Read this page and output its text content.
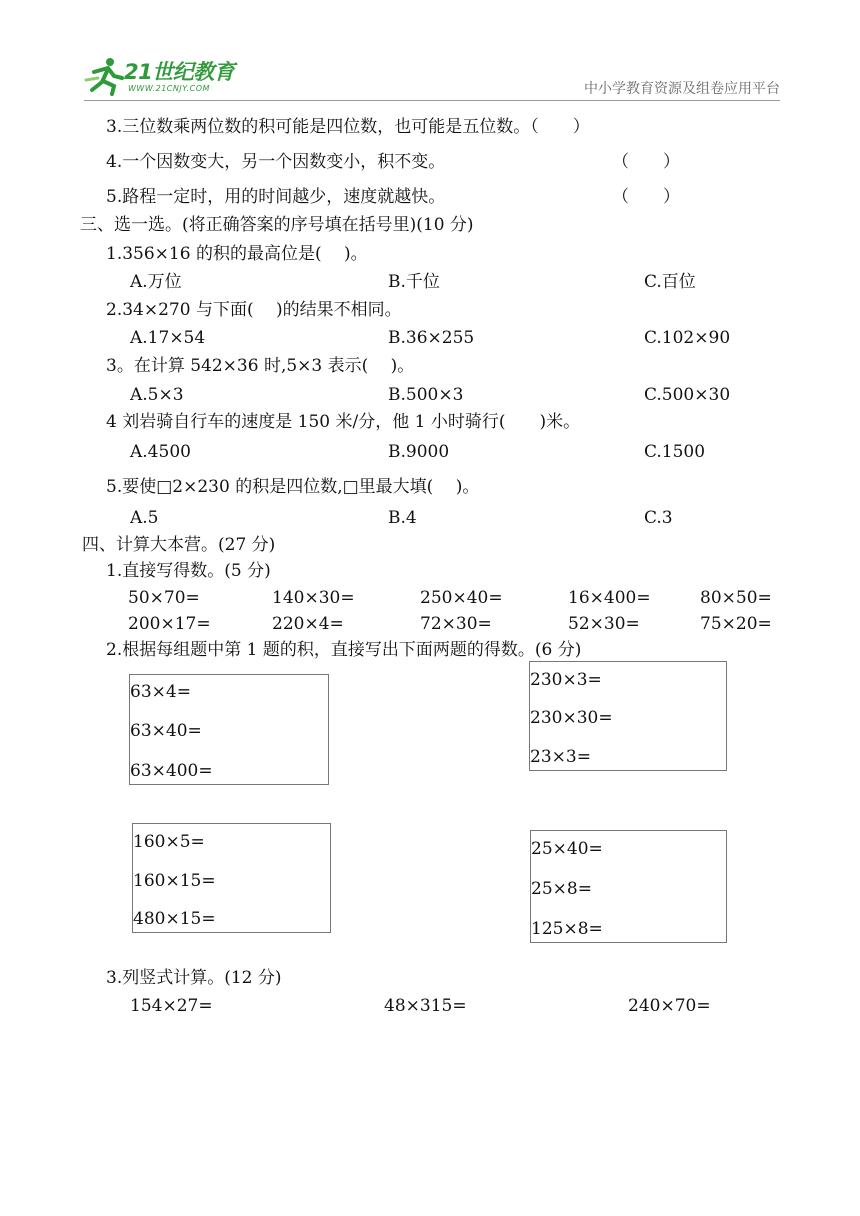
21世纪教育
WWW.21CNJY.COM	中小学教育资源及组卷应用平台
3.三位数乘两位数的积可能是四位数，也可能是五位数。（　　）
4.一个因数变大，另一个因数变小，积不变。	（　　）
5.路程一定时，用的时间越少，速度就越快。	（　　）
三、选一选。(将正确答案的序号填在括号里)(10 分)
1.356×16 的积的最高位是(　 )。
A.万位	B.千位	C.百位
2.34×270 与下面(　 )的结果不相同。
A.17×54	B.36×255	C.102×90
3。在计算 542×36 时,5×3 表示(　 )。
A.5×3	B.500×3	C.500×30
4 刘岩骑自行车的速度是 150 米/分，他 1 小时骑行(　　)米。
A.4500	B.9000	C.1500
5.要使□2×230 的积是四位数,□里最大填(　 )。
A.5	B.4	C.3
四、计算大本营。(27 分)
1.直接写得数。(5 分)
50×70=	140×30=	250×40=	16×400=	80×50=
200×17=	220×4=	72×30=	52×30=	75×20=
2.根据每组题中第 1 题的积，直接写出下面两题的得数。(6 分)
63×4=
63×40=
63×400=
230×3=
230×30=
23×3=
160×5=
160×15=
480×15=
25×40=
25×8=
125×8=
3.列竖式计算。(12 分)
154×27=	48×315=	240×70=
